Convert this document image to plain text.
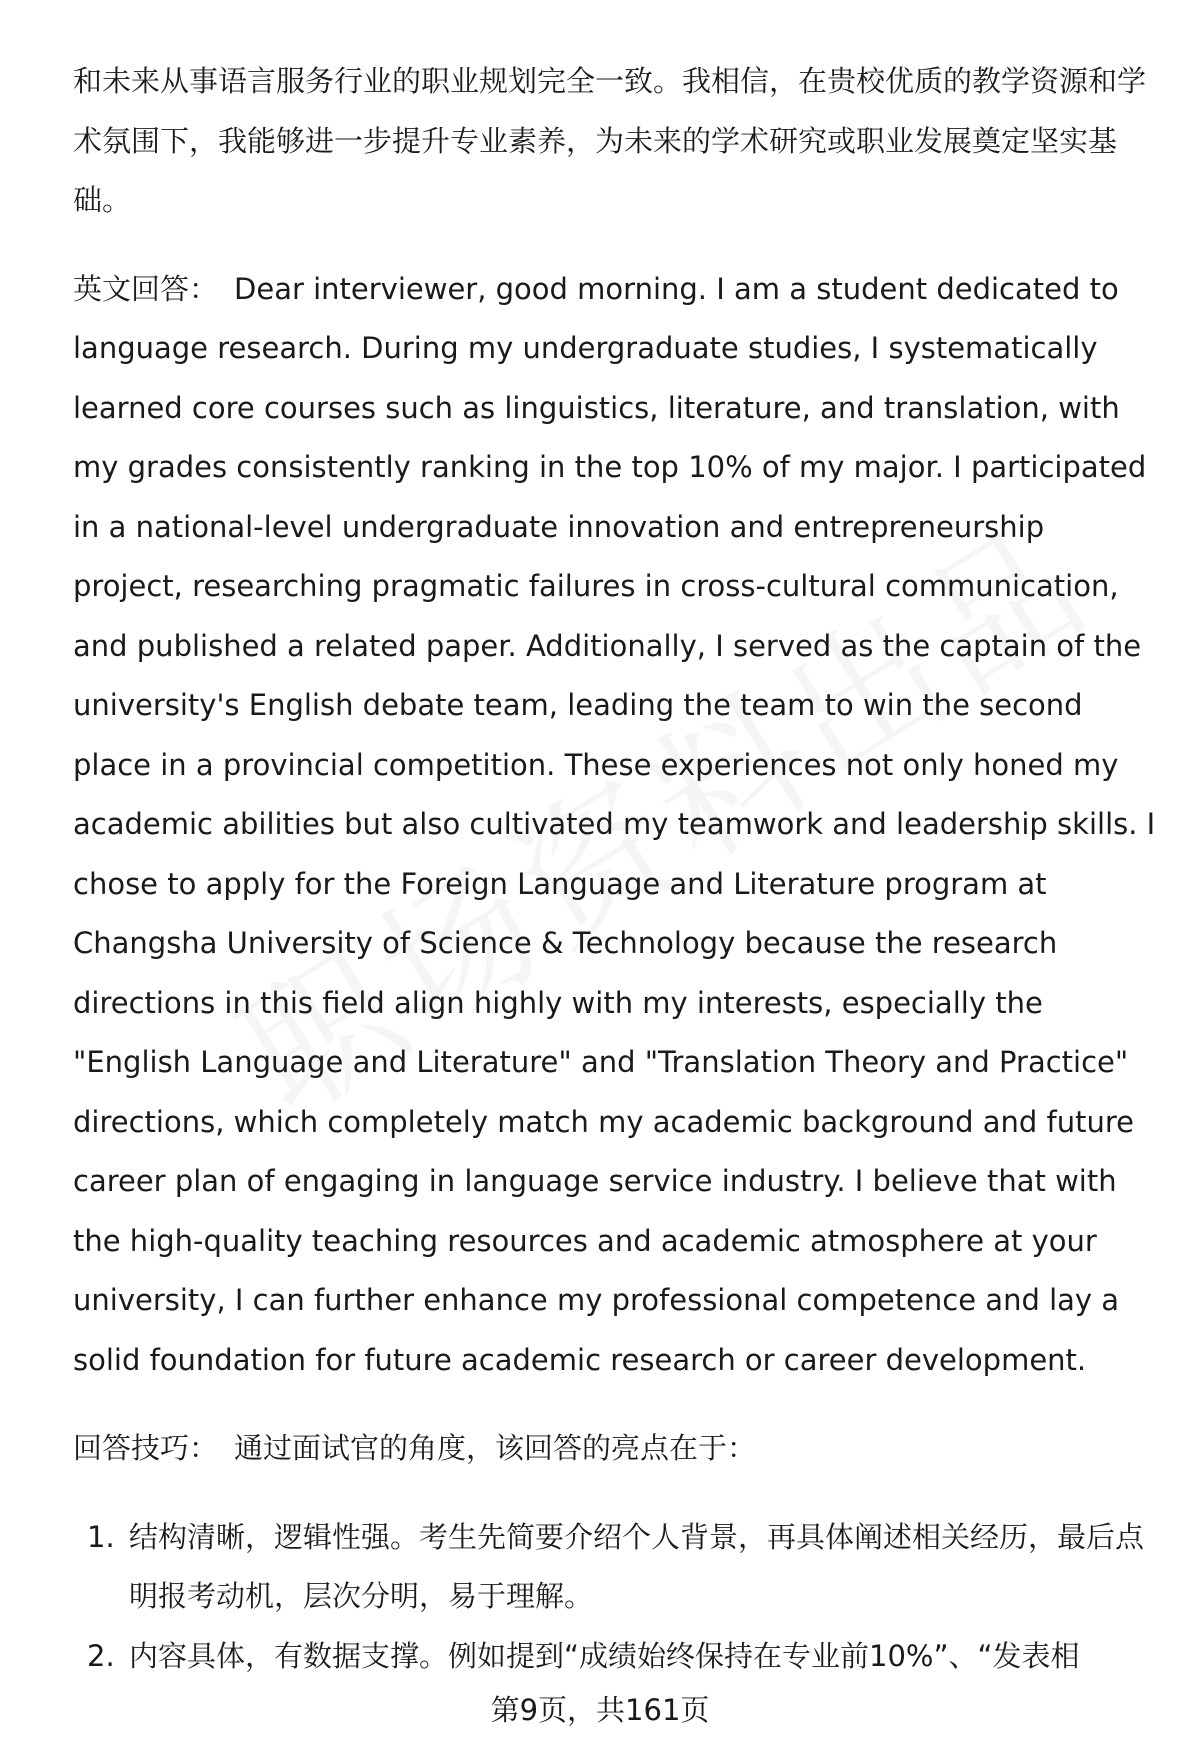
和未来从事语言服务行业的职业规划完全一致。我相信，在贵校优质的教学资源和学术氛围下，我能够进一步提升专业素养，为未来的学术研究或职业发展奠定坚实基础。

英文回答： Dear interviewer, good morning. I am a student dedicated to language research. During my undergraduate studies, I systematically learned core courses such as linguistics, literature, and translation, with my grades consistently ranking in the top 10% of my major. I participated in a national-level undergraduate innovation and entrepreneurship project, researching pragmatic failures in cross-cultural communication, and published a related paper. Additionally, I served as the captain of the university's English debate team, leading the team to win the second place in a provincial competition. These experiences not only honed my academic abilities but also cultivated my teamwork and leadership skills. I chose to apply for the Foreign Language and Literature program at Changsha University of Science & Technology because the research directions in this field align highly with my interests, especially the "English Language and Literature" and "Translation Theory and Practice" directions, which completely match my academic background and future career plan of engaging in language service industry. I believe that with the high-quality teaching resources and academic atmosphere at your university, I can further enhance my professional competence and lay a solid foundation for future academic research or career development.

回答技巧： 通过面试官的角度，该回答的亮点在于：

1. 结构清晰，逻辑性强。考生先简要介绍个人背景，再具体阐述相关经历，最后点明报考动机，层次分明，易于理解。
2. 内容具体，有数据支撑。例如提到“成绩始终保持在专业前10%”、“发表相
第9页，共161页
